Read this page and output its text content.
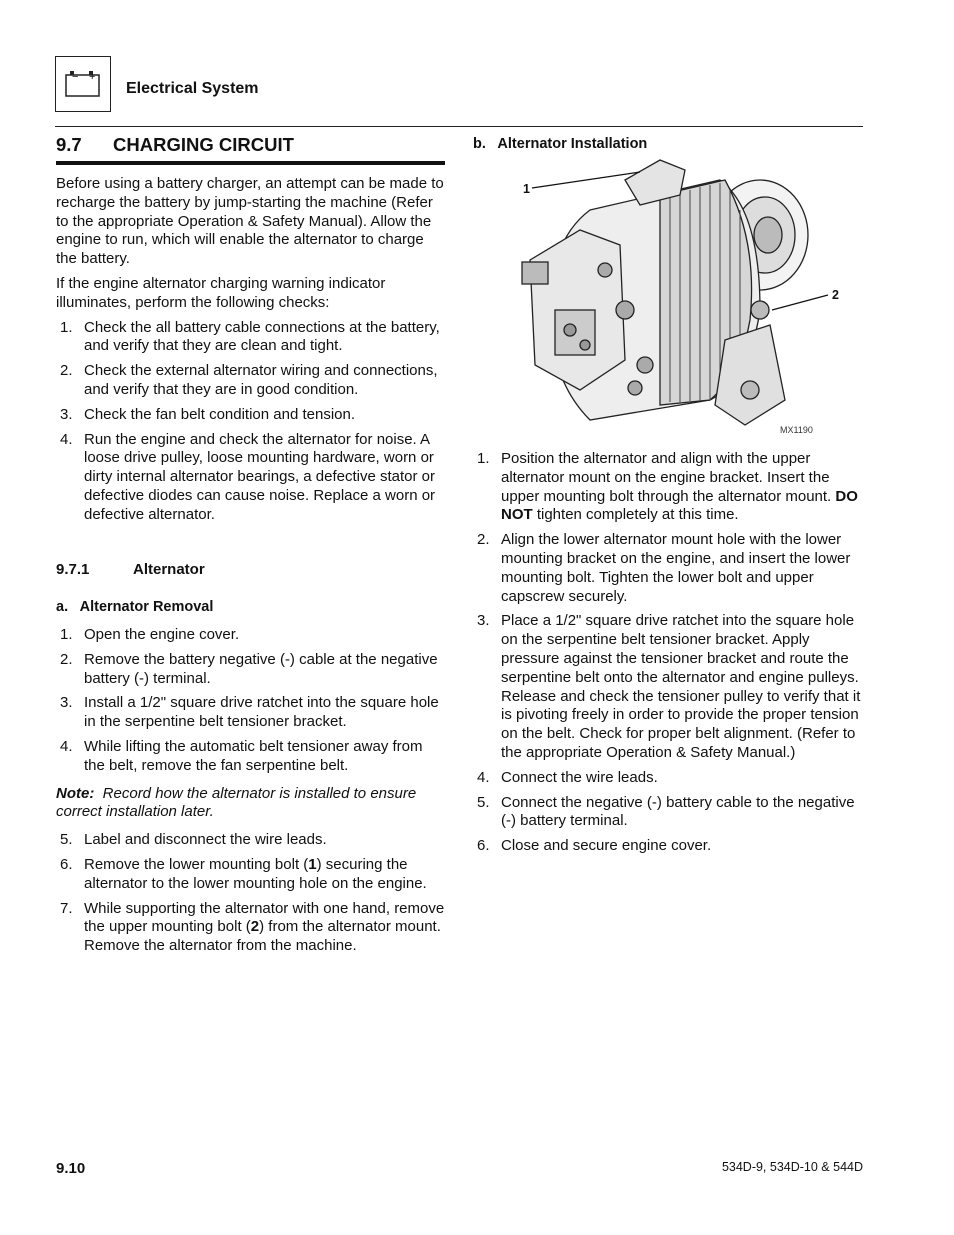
− +
Electrical System
9.7 CHARGING CIRCUIT

Before using a battery charger, an attempt can be made to recharge the battery by jump-starting the machine (Refer to the appropriate Operation & Safety Manual). Allow the engine to run, which will enable the alternator to charge the battery.

If the engine alternator charging warning indicator illuminates, perform the following checks:

1. Check the all battery cable connections at the battery, and verify that they are clean and tight.
2. Check the external alternator wiring and connections, and verify that they are in good condition.
3. Check the fan belt condition and tension.
4. Run the engine and check the alternator for noise. A loose drive pulley, loose mounting hardware, worn or dirty internal alternator bearings, a defective stator or defective diodes can cause noise. Replace a worn or defective alternator.
9.7.1	Alternator
a.   Alternator Removal
1. Open the engine cover.
2. Remove the battery negative (-) cable at the negative battery (-) terminal.
3. Install a 1/2" square drive ratchet into the square hole in the serpentine belt tensioner bracket.
4. While lifting the automatic belt tensioner away from the belt, remove the fan serpentine belt.

Note: Record how the alternator is installed to ensure correct installation later.

5. Label and disconnect the wire leads.
6. Remove the lower mounting bolt (1) securing the alternator to the lower mounting hole on the engine.
7. While supporting the alternator with one hand, remove the upper mounting bolt (2) from the alternator mount. Remove the alternator from the machine.
b.   Alternator Installation
1
2
MX1190
1. Position the alternator and align with the upper alternator mount on the engine bracket. Insert the upper mounting bolt through the alternator mount. DO NOT tighten completely at this time.
2. Align the lower alternator mount hole with the lower mounting bracket on the engine, and insert the lower mounting bolt. Tighten the lower bolt and upper capscrew securely.
3. Place a 1/2" square drive ratchet into the square hole on the serpentine belt tensioner bracket. Apply pressure against the tensioner bracket and route the serpentine belt onto the alternator and engine pulleys. Release and check the tensioner pulley to verify that it is pivoting freely in order to provide the proper tension on the belt. Check for proper belt alignment. (Refer to the appropriate Operation & Safety Manual.)
4. Connect the wire leads.
5. Connect the negative (-) battery cable to the negative (-) battery terminal.
6. Close and secure engine cover.
9.10	534D-9, 534D-10 & 544D
